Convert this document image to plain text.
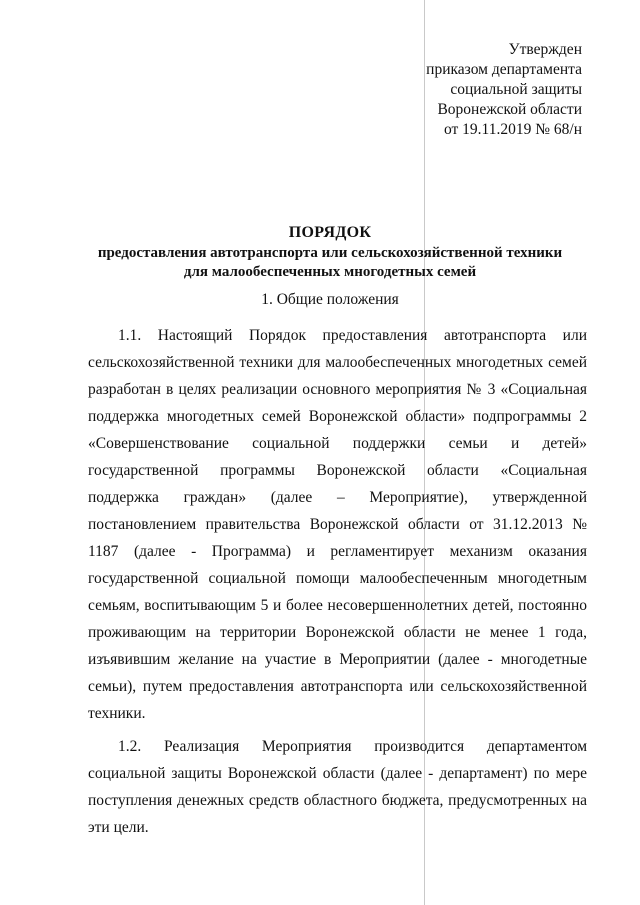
Утвержден
приказом департамента
социальной защиты
Воронежской области
от 19.11.2019 № 68/н
ПОРЯДОК
предоставления автотранспорта или сельскохозяйственной техники
для малообеспеченных многодетных семей
1. Общие положения

1.1. Настоящий Порядок предоставления автотранспорта или сельскохозяйственной техники для малообеспеченных многодетных семей разработан в целях реализации основного мероприятия № 3 «Социальная поддержка многодетных семей Воронежской области» подпрограммы 2 «Совершенствование социальной поддержки семьи и детей» государственной программы Воронежской области «Социальная поддержка граждан» (далее – Мероприятие), утвержденной постановлением правительства Воронежской области от 31.12.2013 № 1187 (далее - Программа) и регламентирует механизм оказания государственной социальной помощи малообеспеченным многодетным семьям, воспитывающим 5 и более несовершеннолетних детей, постоянно проживающим на территории Воронежской области не менее 1 года, изъявившим желание на участие в Мероприятии (далее - многодетные семьи), путем предоставления автотранспорта или сельскохозяйственной техники.

1.2. Реализация Мероприятия производится департаментом социальной защиты Воронежской области (далее - департамент) по мере поступления денежных средств областного бюджета, предусмотренных на эти цели.
